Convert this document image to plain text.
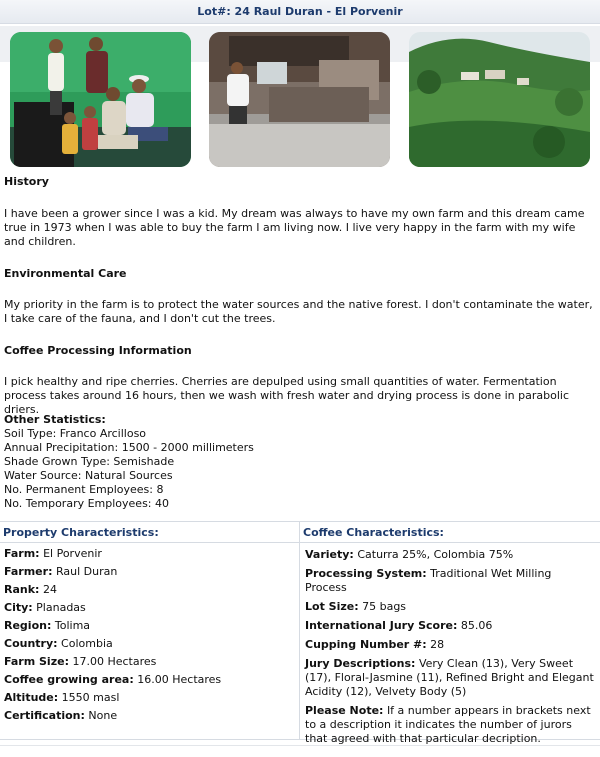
Lot#: 24 Raul Duran - El Porvenir
History
I have been a grower since I was a kid. My dream was always to have my own farm and this dream came true in 1973 when I was able to buy the farm I am living now. I live very happy in the farm with my wife and children.
Environmental Care
My priority in the farm is to protect the water sources and the native forest. I don't contaminate the water, I take care of the fauna, and I don't cut the trees.
Coffee Processing Information
I pick healthy and ripe cherries. Cherries are depulped using small quantities of water. Fermentation process takes around 16 hours, then we wash with fresh water and drying process is done in parabolic driers.
Other Statistics:
Soil Type: Franco Arcilloso
Annual Precipitation: 1500 - 2000 millimeters
Shade Grown Type: Semishade
Water Source: Natural Sources
No. Permanent Employees: 8
No. Temporary Employees: 40
Property Characteristics:
Farm: El Porvenir
Farmer: Raul Duran
Rank: 24
City: Planadas
Region: Tolima
Country: Colombia
Farm Size: 17.00 Hectares
Coffee growing area: 16.00 Hectares
Altitude: 1550 masl
Certification: None
Coffee Characteristics:
Variety: Caturra 25%, Colombia 75%
Processing System: Traditional Wet Milling Process
Lot Size: 75 bags
International Jury Score: 85.06
Cupping Number #: 28
Jury Descriptions: Very Clean (13), Very Sweet (17), Floral-Jasmine (11), Refined Bright and Elegant Acidity (12), Velvety Body (5)
Please Note: If a number appears in brackets next to a description it indicates the number of jurors that agreed with that particular decription.
